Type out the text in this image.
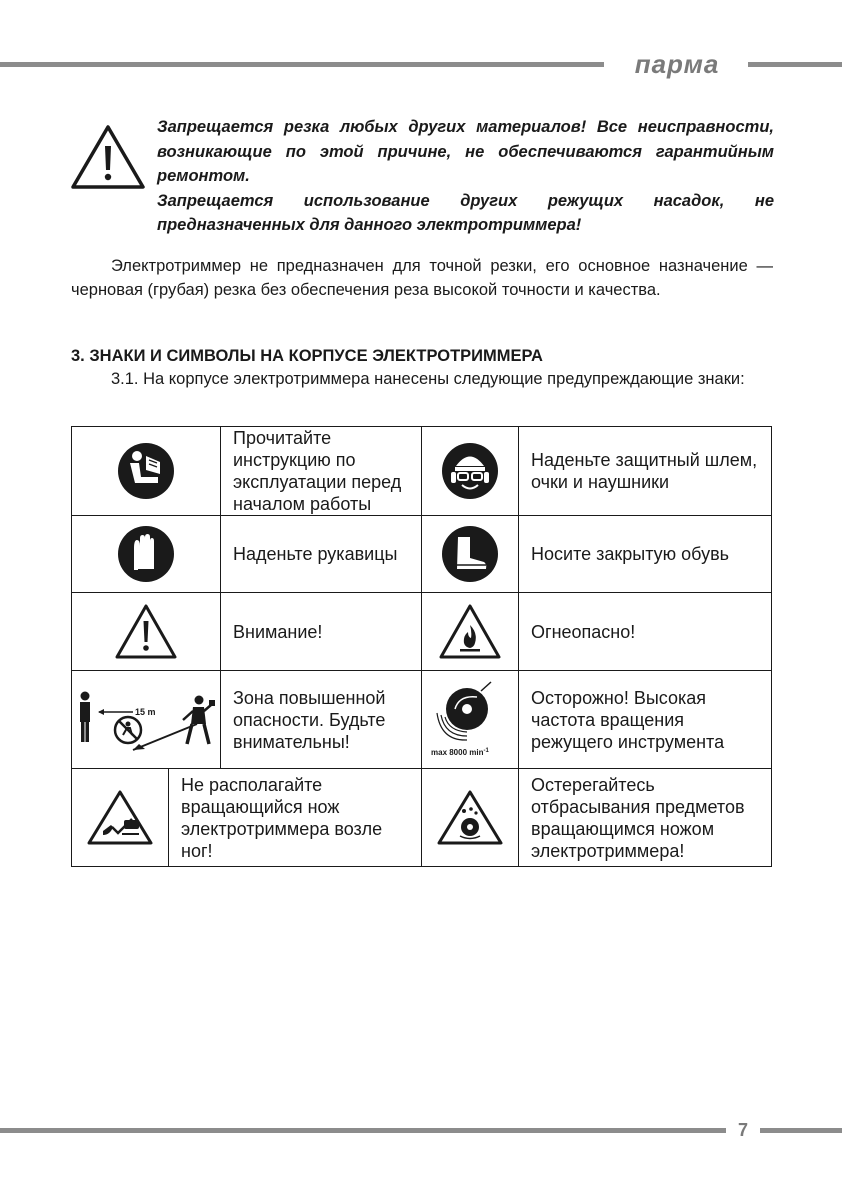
парма

Запрещается резка любых других материалов! Все неисправности, возникающие по этой причине, не обеспечиваются гарантийным ремонтом.

Запрещается использование других режущих насадок, не предназначенных для данного электротриммера!

Электротриммер не предназначен для точной резки, его основное назначение — черновая (грубая) резка без обеспечения реза высокой точности и качества.

3. ЗНАКИ И СИМВОЛЫ НА КОРПУСЕ ЭЛЕКТРОТРИММЕРА

3.1. На корпусе электротриммера нанесены следующие предупреждающие знаки:

	Прочитайте инструкцию по эксплуатации перед началом работы		Наденьте защитный шлем, очки и наушники

	Наденьте рукавицы		Носите закрытую обувь

	Внимание!		Огнеопасно!

15 m		Зона повышенной опасности. Будьте внимательны!	max 8000 $\min^{-1}$	Осторожно! Высокая частота вращения режущего инструмента

	Не располагайте вращающийся нож электротриммера возле ног!			Остерегайтесь отбрасывания предметов вращающимся ножом электротриммера!
7
